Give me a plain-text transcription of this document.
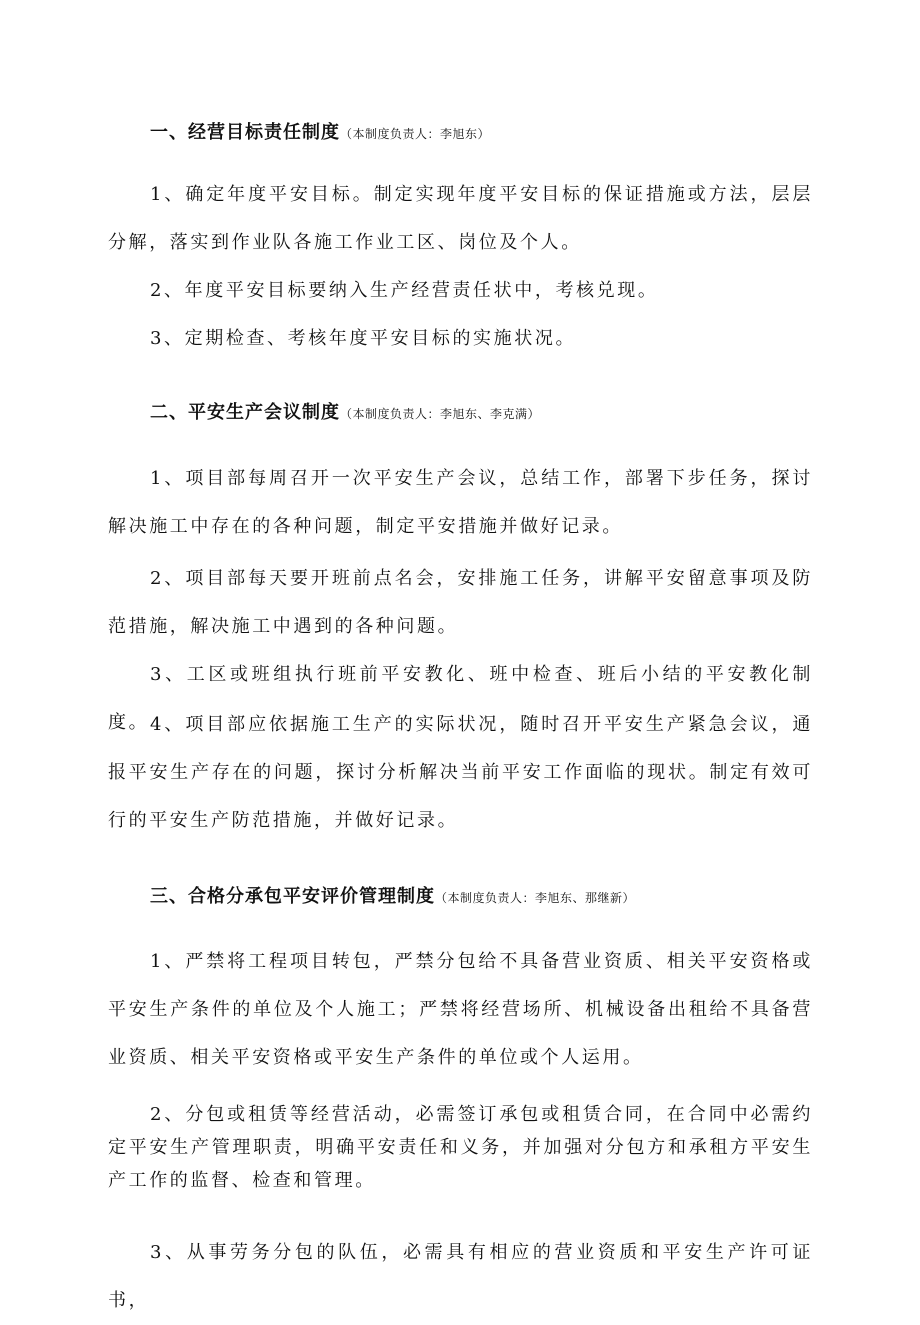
一、经营目标责任制度（本制度负责人：李旭东）

1、确定年度平安目标。制定实现年度平安目标的保证措施或方法，层层分解，落实到作业队各施工作业工区、岗位及个人。

2、年度平安目标要纳入生产经营责任状中，考核兑现。

3、定期检查、考核年度平安目标的实施状况。

二、平安生产会议制度（本制度负责人：李旭东、李克满）

1、项目部每周召开一次平安生产会议，总结工作，部署下步任务，探讨解决施工中存在的各种问题，制定平安措施并做好记录。

2、项目部每天要开班前点名会，安排施工任务，讲解平安留意事项及防范措施，解决施工中遇到的各种问题。

3、工区或班组执行班前平安教化、班中检查、班后小结的平安教化制度。 4、项目部应依据施工生产的实际状况，随时召开平安生产紧急会议，通报平安生产存在的问题，探讨分析解决当前平安工作面临的现状。制定有效可行的平安生产防范措施，并做好记录。

三、合格分承包平安评价管理制度（本制度负责人：李旭东、那继新）

1、严禁将工程项目转包，严禁分包给不具备营业资质、相关平安资格或平安生产条件的单位及个人施工；严禁将经营场所、机械设备出租给不具备营业资质、相关平安资格或平安生产条件的单位或个人运用。

2、分包或租赁等经营活动，必需签订承包或租赁合同，在合同中必需约定平安生产管理职责，明确平安责任和义务，并加强对分包方和承租方平安生产工作的监督、检查和管理。

3、从事劳务分包的队伍，必需具有相应的营业资质和平安生产许可证书，
